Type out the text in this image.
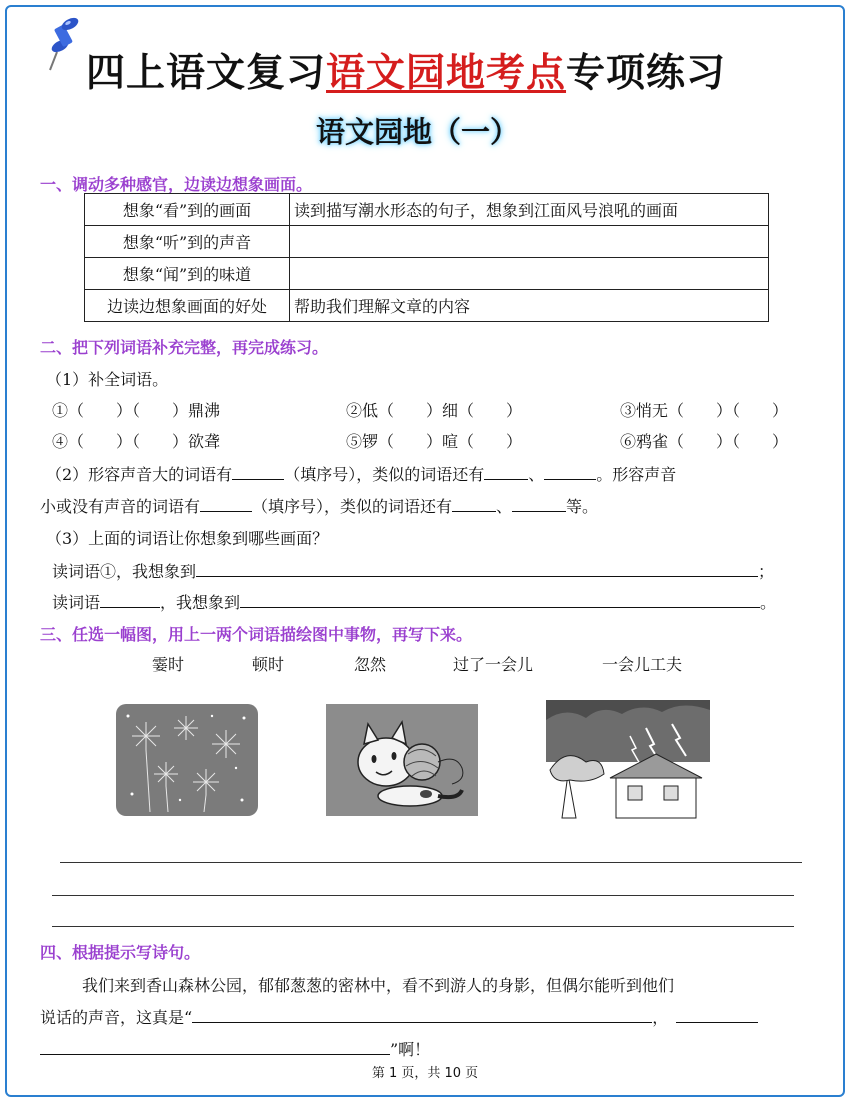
四上语文复习语文园地考点专项练习
语文园地（一）
一、调动多种感官，边读边想象画面。
想象“看”到的画面	读到描写潮水形态的句子，想象到江面风号浪吼的画面
想象“听”到的声音	
想象“闻”到的味道	
边读边想象画面的好处	帮助我们理解文章的内容
二、把下列词语补充完整，再完成练习。
（1）补全词语。
①（　　）（　　）鼎沸	②低（　　）细（　　）	③悄无（　　）（　　）
④（　　）（　　）欲聋	⑤锣（　　）喧（　　）	⑥鸦雀（　　）（　　）
（2）形容声音大的词语有	（填序号），类似的词语还有	、	。形容声音
小或没有声音的词语有	（填序号），类似的词语还有	、	等。
（3）上面的词语让你想象到哪些画面？
读词语①，我想象到	；
读词语	，我想象到	。
三、任选一幅图，用上一两个词语描绘图中事物，再写下来。
霎时	顿时	忽然	过了一会儿	一会儿工夫
四、根据提示写诗句。
我们来到香山森林公园，郁郁葱葱的密林中，看不到游人的身影，但偶尔能听到他们
说话的声音，这真是“	，
”啊！
第 1 页，共 10 页
